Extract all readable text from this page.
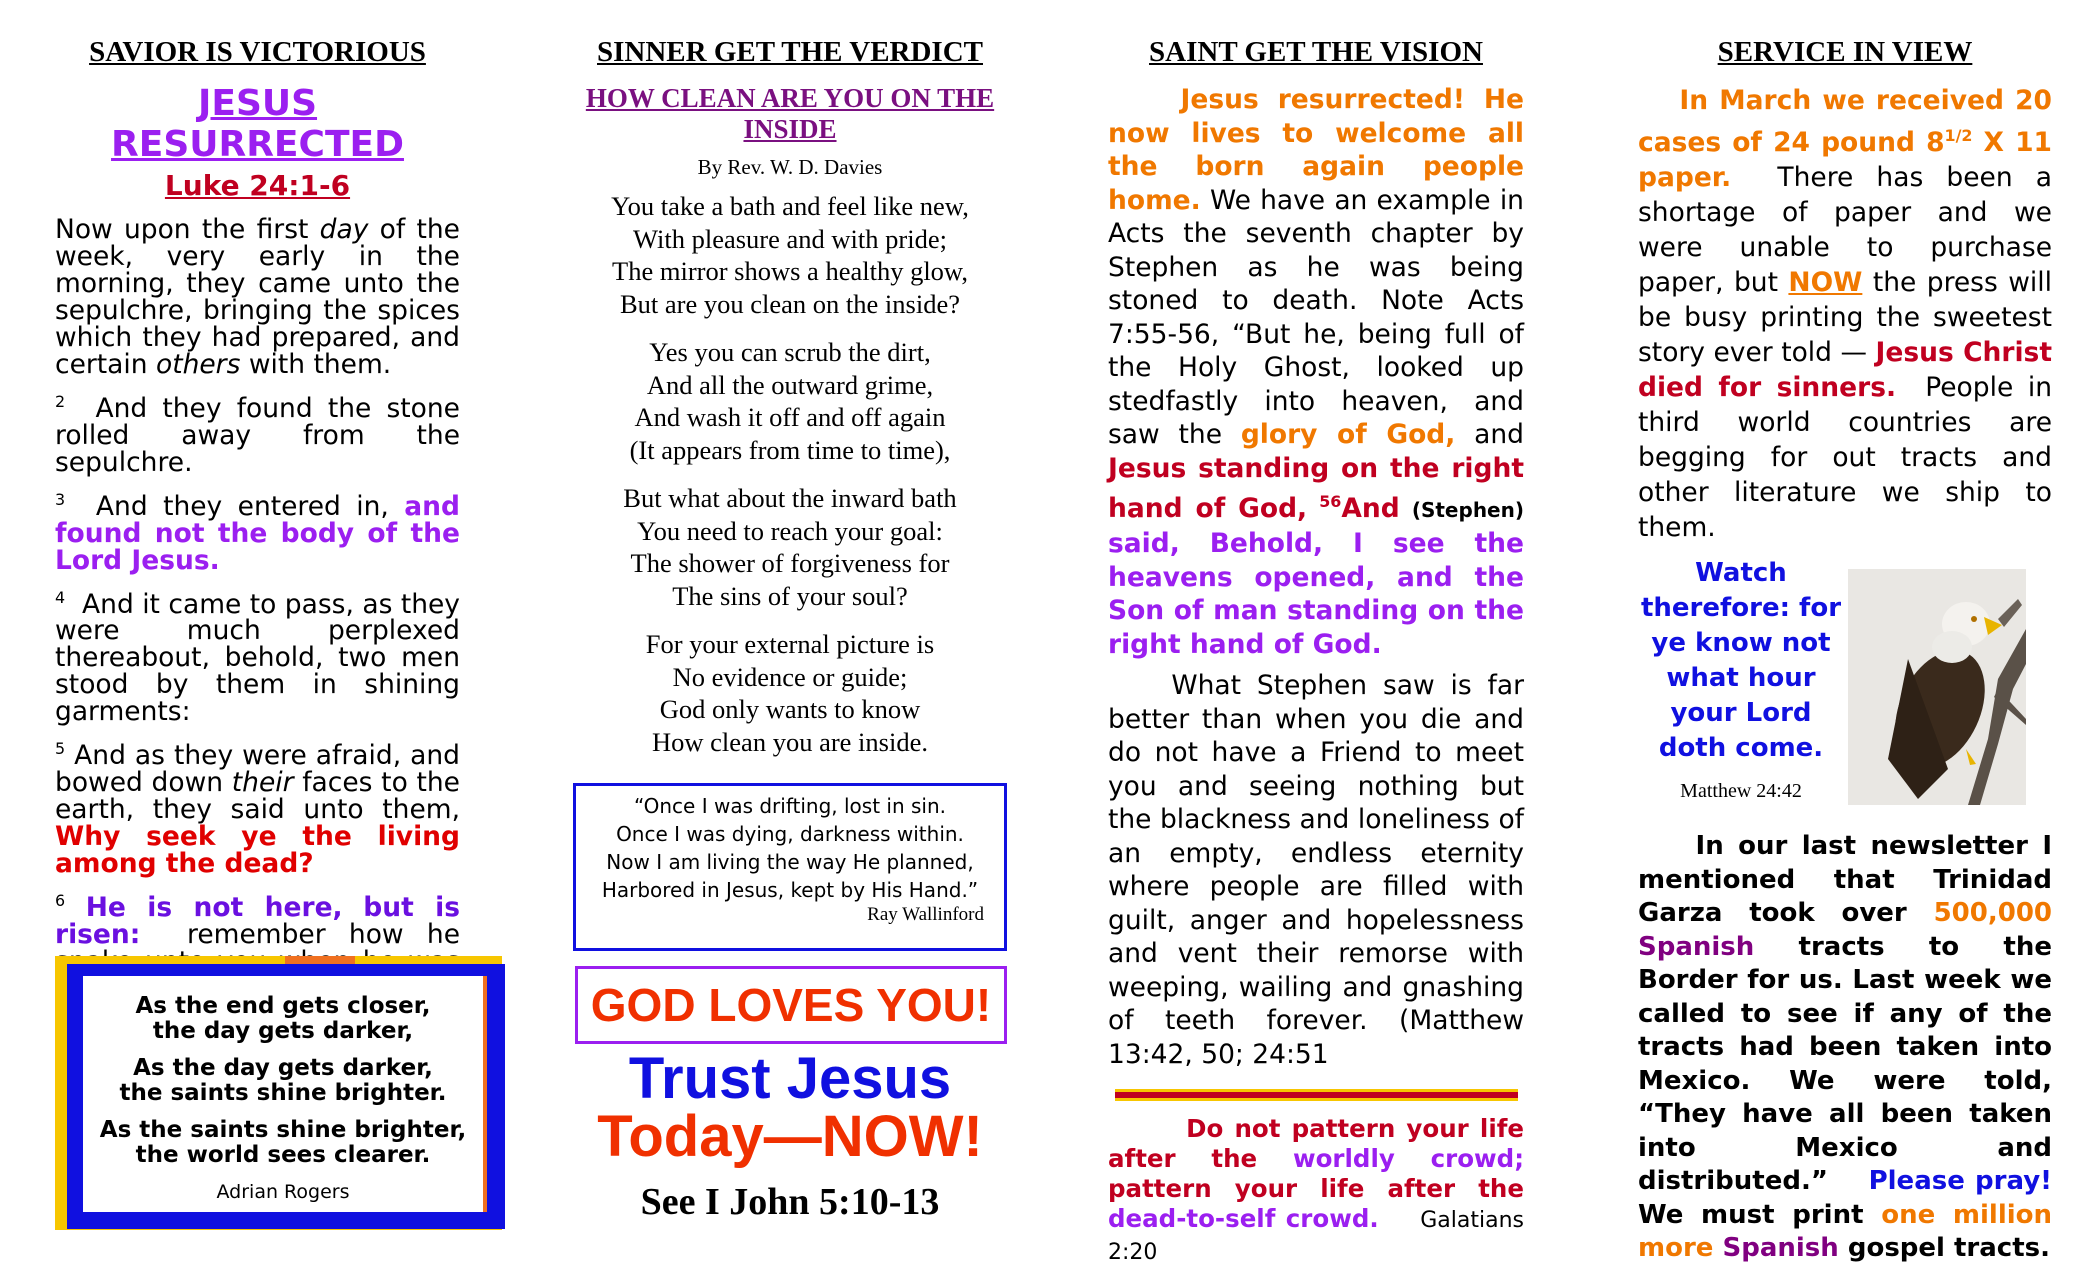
SAVIOR IS VICTORIOUS
JESUS RESURRECTED
Luke 24:1-6

Now upon the first day of the week, very early in the morning, they came unto the sepulchre, bringing the spices which they had prepared, and certain others with them.

$^2$ And they found the stone rolled away from the sepulchre.

$^3$ And they entered in, and found not the body of the Lord Jesus.

$^4$ And it came to pass, as they were much perplexed thereabout, behold, two men stood by them in shining garments:

$^5$ And as they were afraid, and bowed down their faces to the earth, they said unto them, Why seek ye the living among the dead?

$^6$ He is not here, but is risen: remember how he

As the end gets closer,
the day gets darker,
As the day gets darker,
the saints shine brighter.
As the saints shine brighter,
the world sees clearer.
Adrian Rogers
SINNER GET THE VERDICT
HOW CLEAN ARE YOU ON THE INSIDE
By Rev. W. D. Davies
You take a bath and feel like new,
With pleasure and with pride;
The mirror shows a healthy glow,
But are you clean on the inside?
Yes you can scrub the dirt,
And all the outward grime,
And wash it off and off again
(It appears from time to time),
But what about the inward bath
You need to reach your goal:
The shower of forgiveness for
The sins of your soul?
For your external picture is
No evidence or guide;
God only wants to know
How clean you are inside.
“Once I was drifting, lost in sin.
Once I was dying, darkness within.
Now I am living the way He planned,
Harbored in Jesus, kept by His Hand.”
Ray Wallinford
GOD LOVES YOU!
Trust Jesus
Today—NOW!
See I John 5:10-13
SAINT GET THE VISION

Jesus resurrected! He now lives to welcome all the born again people home. We have an example in Acts the seventh chapter by Stephen as he was being stoned to death. Note Acts 7:55-56, “But he, being full of the Holy Ghost, looked up stedfastly into heaven, and saw the glory of God, and Jesus standing on the right hand of God, $^{56}$And (Stephen) said, Behold, I see the heavens opened, and the Son of man standing on the right hand of God.

What Stephen saw is far better than when you die and do not have a Friend to meet you and seeing nothing but the blackness and loneliness of an empty, endless eternity where people are filled with guilt, anger and hopelessness and vent their remorse with weeping, wailing and gnashing of teeth forever. (Matthew 13:42, 50; 24:51

Do not pattern your life after the worldly crowd; pattern your life after the dead-to-self crowd. Galatians 2:20
SERVICE IN VIEW

In March we received 20 cases of 24 pound $8^{1/2}$ X 11 paper. There has been a shortage of paper and we were unable to purchase paper, but NOW the press will be busy printing the sweetest story ever told — Jesus Christ died for sinners. People in third world countries are begging for out tracts and other literature we ship to them.

Watch therefore: for ye know not what hour your Lord doth come.
Matthew 24:42
In our last newsletter I mentioned that Trinidad Garza took over 500,000 Spanish tracts to the Border for us. Last week we called to see if any of the tracts had been taken into Mexico. We were told, “They have all been taken into Mexico and distributed.” Please pray! We must print one million more Spanish gospel tracts.
